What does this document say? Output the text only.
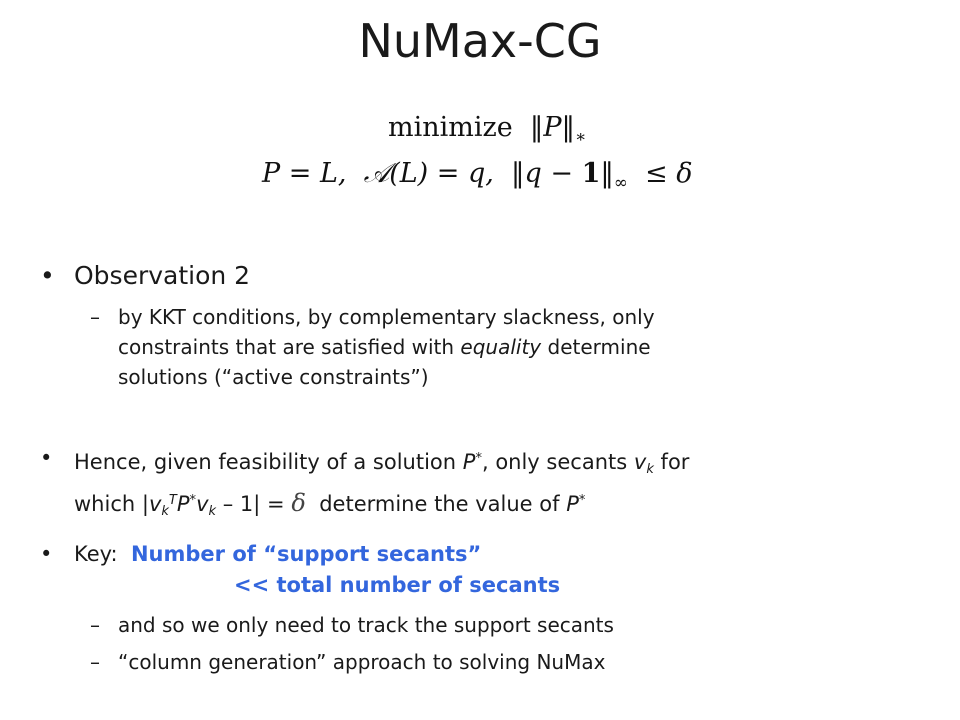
NuMax-CG
minimize $‖P‖_∗$
P = L, 𝒜(L) = q, ‖q − $1‖_\infty \le \delta$
• Observation 2
– by KKT conditions, by complementary slackness, only
constraints that are satisfied with equality determine
solutions (“active constraints”)
• Hence, given feasibility of a solution P*, only secants vk for
which $|vk^TP^*vk - 1| = \delta$ determine the value of P*
• Key: Number of “support secants”
<< total number of secants
– and so we only need to track the support secants
– “column generation” approach to solving NuMax
